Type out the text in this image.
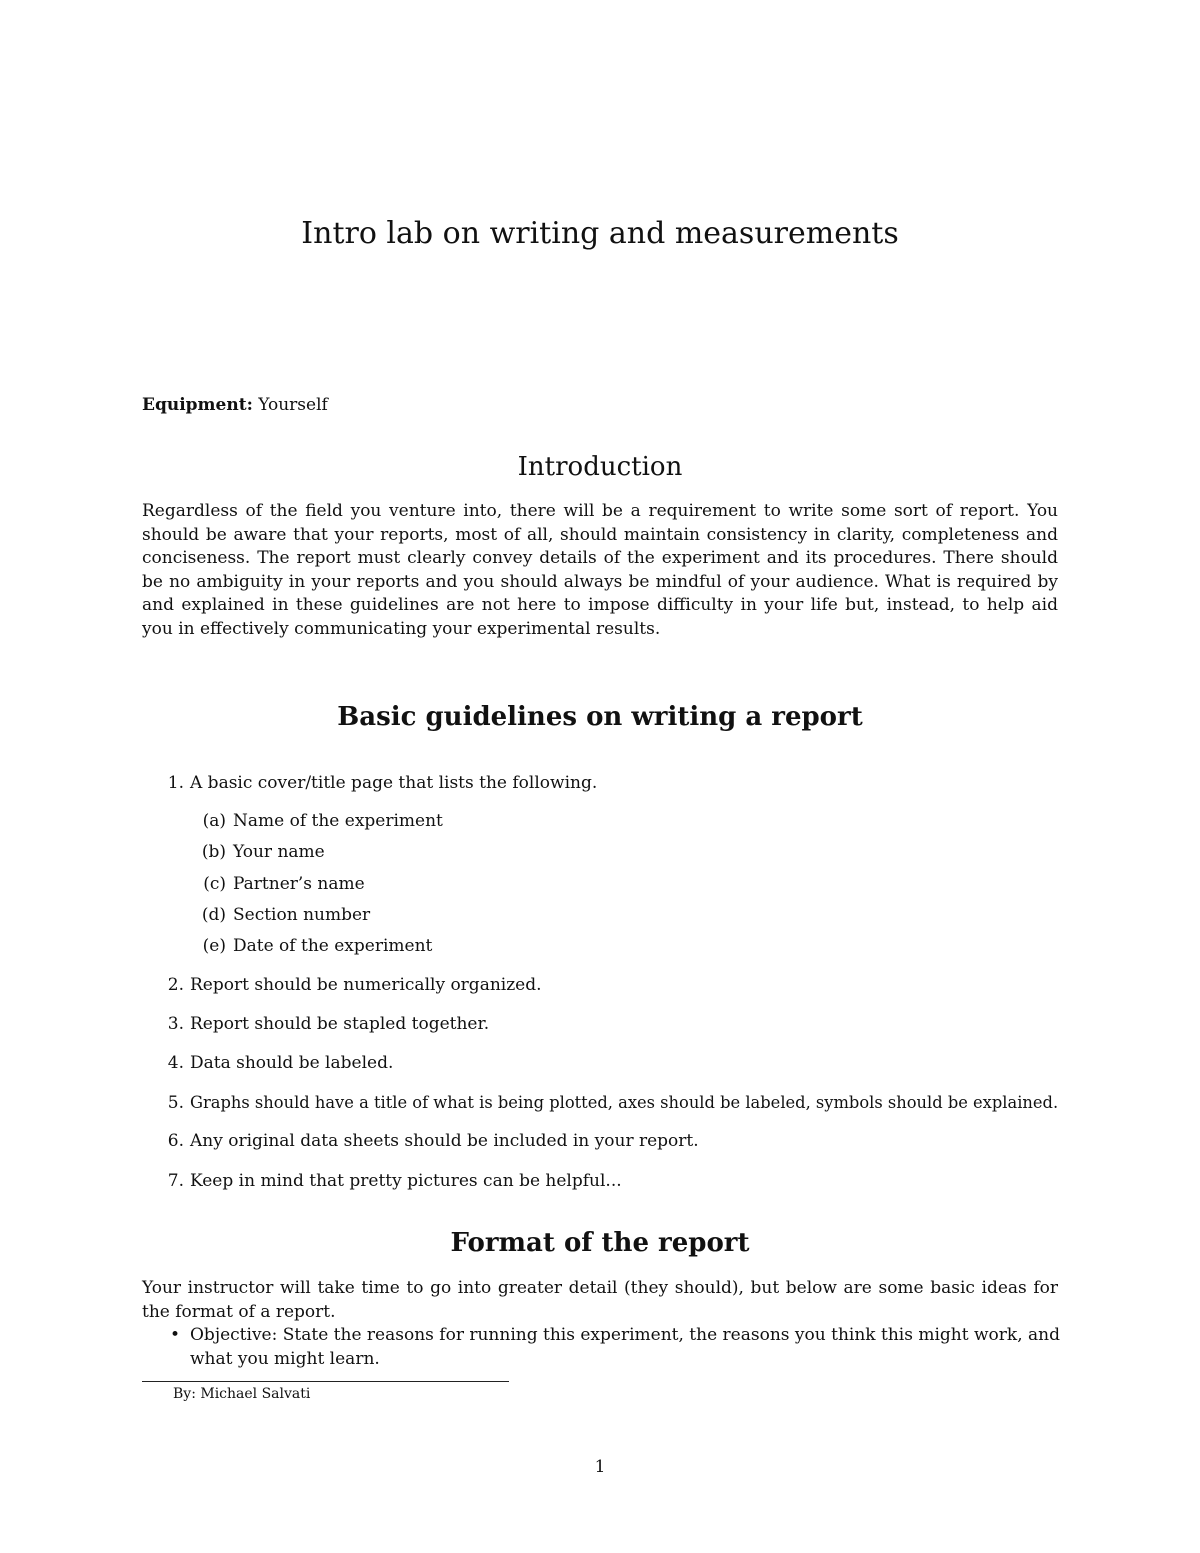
Intro lab on writing and measurements

Equipment: Yourself

Introduction

Regardless of the field you venture into, there will be a requirement to write some sort of report. You should be aware that your reports, most of all, should maintain consistency in clarity, completeness and conciseness. The report must clearly convey details of the experiment and its procedures. There should be no ambiguity in your reports and you should always be mindful of your audience. What is required by and explained in these guidelines are not here to impose difficulty in your life but, instead, to help aid you in effectively communicating your experimental results.

Basic guidelines on writing a report
1. A basic cover/title page that lists the following.
(a) Name of the experiment
(b) Your name
(c) Partner’s name
(d) Section number
(e) Date of the experiment
2. Report should be numerically organized.
3. Report should be stapled together.
4. Data should be labeled.
5. Graphs should have a title of what is being plotted, axes should be labeled, symbols should be explained.
6. Any original data sheets should be included in your report.
7. Keep in mind that pretty pictures can be helpful...
Format of the report

Your instructor will take time to go into greater detail (they should), but below are some basic ideas for the format of a report.

• Objective: State the reasons for running this experiment, the reasons you think this might work, and what you might learn.

By: Michael Salvati

1
